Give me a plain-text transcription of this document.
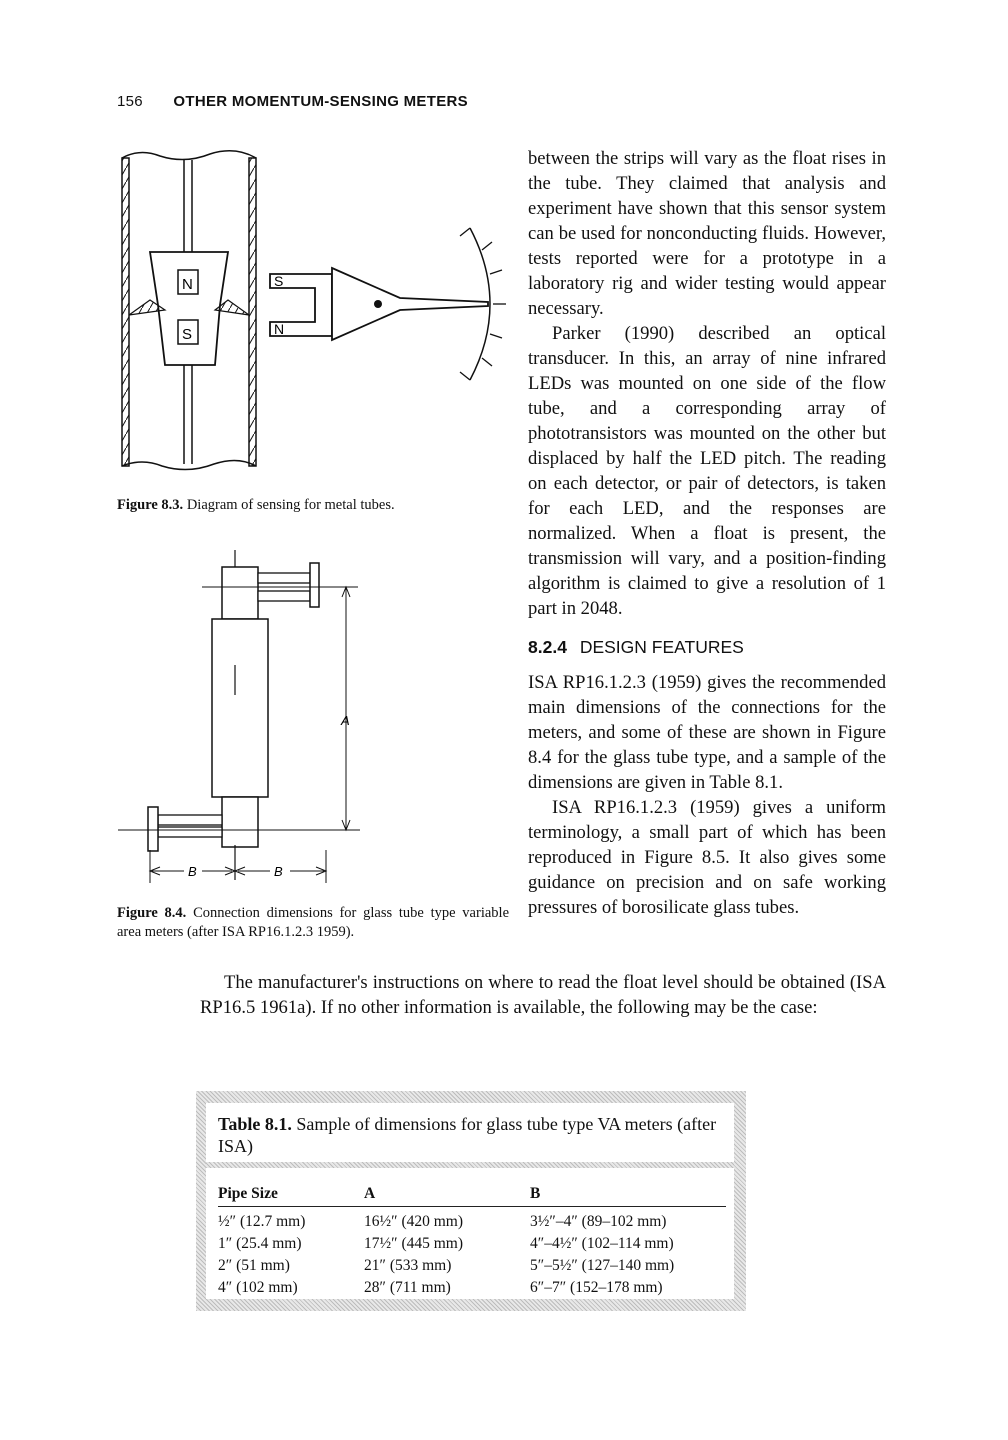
156 OTHER MOMENTUM-SENSING METERS
N
S
S
N
Figure 8.3. Diagram of sensing for metal tubes.
A
B	B
Figure 8.4. Connection dimensions for glass tube type variable area meters (after ISA RP16.1.2.3 1959).

between the strips will vary as the float rises in the tube. They claimed that analysis and experiment have shown that this sensor system can be used for nonconducting fluids. However, tests reported were for a prototype in a laboratory rig and wider testing would appear necessary.

Parker (1990) described an optical transducer. In this, an array of nine infrared LEDs was mounted on one side of the flow tube, and a corresponding array of phototransistors was mounted on the other but displaced by half the LED pitch. The reading on each detector, or pair of detectors, is taken for each LED, and the responses are normalized. When a float is present, the transmission will vary, and a position-finding algorithm is claimed to give a resolution of 1 part in 2048.

8.2.4 DESIGN FEATURES

ISA RP16.1.2.3 (1959) gives the recommended main dimensions of the connections for the meters, and some of these are shown in Figure 8.4 for the glass tube type, and a sample of the dimensions are given in Table 8.1.

ISA RP16.1.2.3 (1959) gives a uniform terminology, a small part of which has been reproduced in Figure 8.5. It also gives some guidance on precision and on safe working pressures of borosilicate glass tubes.

The manufacturer's instructions on where to read the float level should be obtained (ISA RP16.5 1961a). If no other information is available, the following may be the case:

Table 8.1. Sample of dimensions for glass tube type VA meters (after ISA)
Pipe Size	A	B
½″ (12.7 mm)	16½″ (420 mm)	3½″–4″ (89–102 mm)
1″ (25.4 mm)	17½″ (445 mm)	4″–4½″ (102–114 mm)
2″ (51 mm)	21″ (533 mm)	5″–5½″ (127–140 mm)
4″ (102 mm)	28″ (711 mm)	6″–7″ (152–178 mm)
